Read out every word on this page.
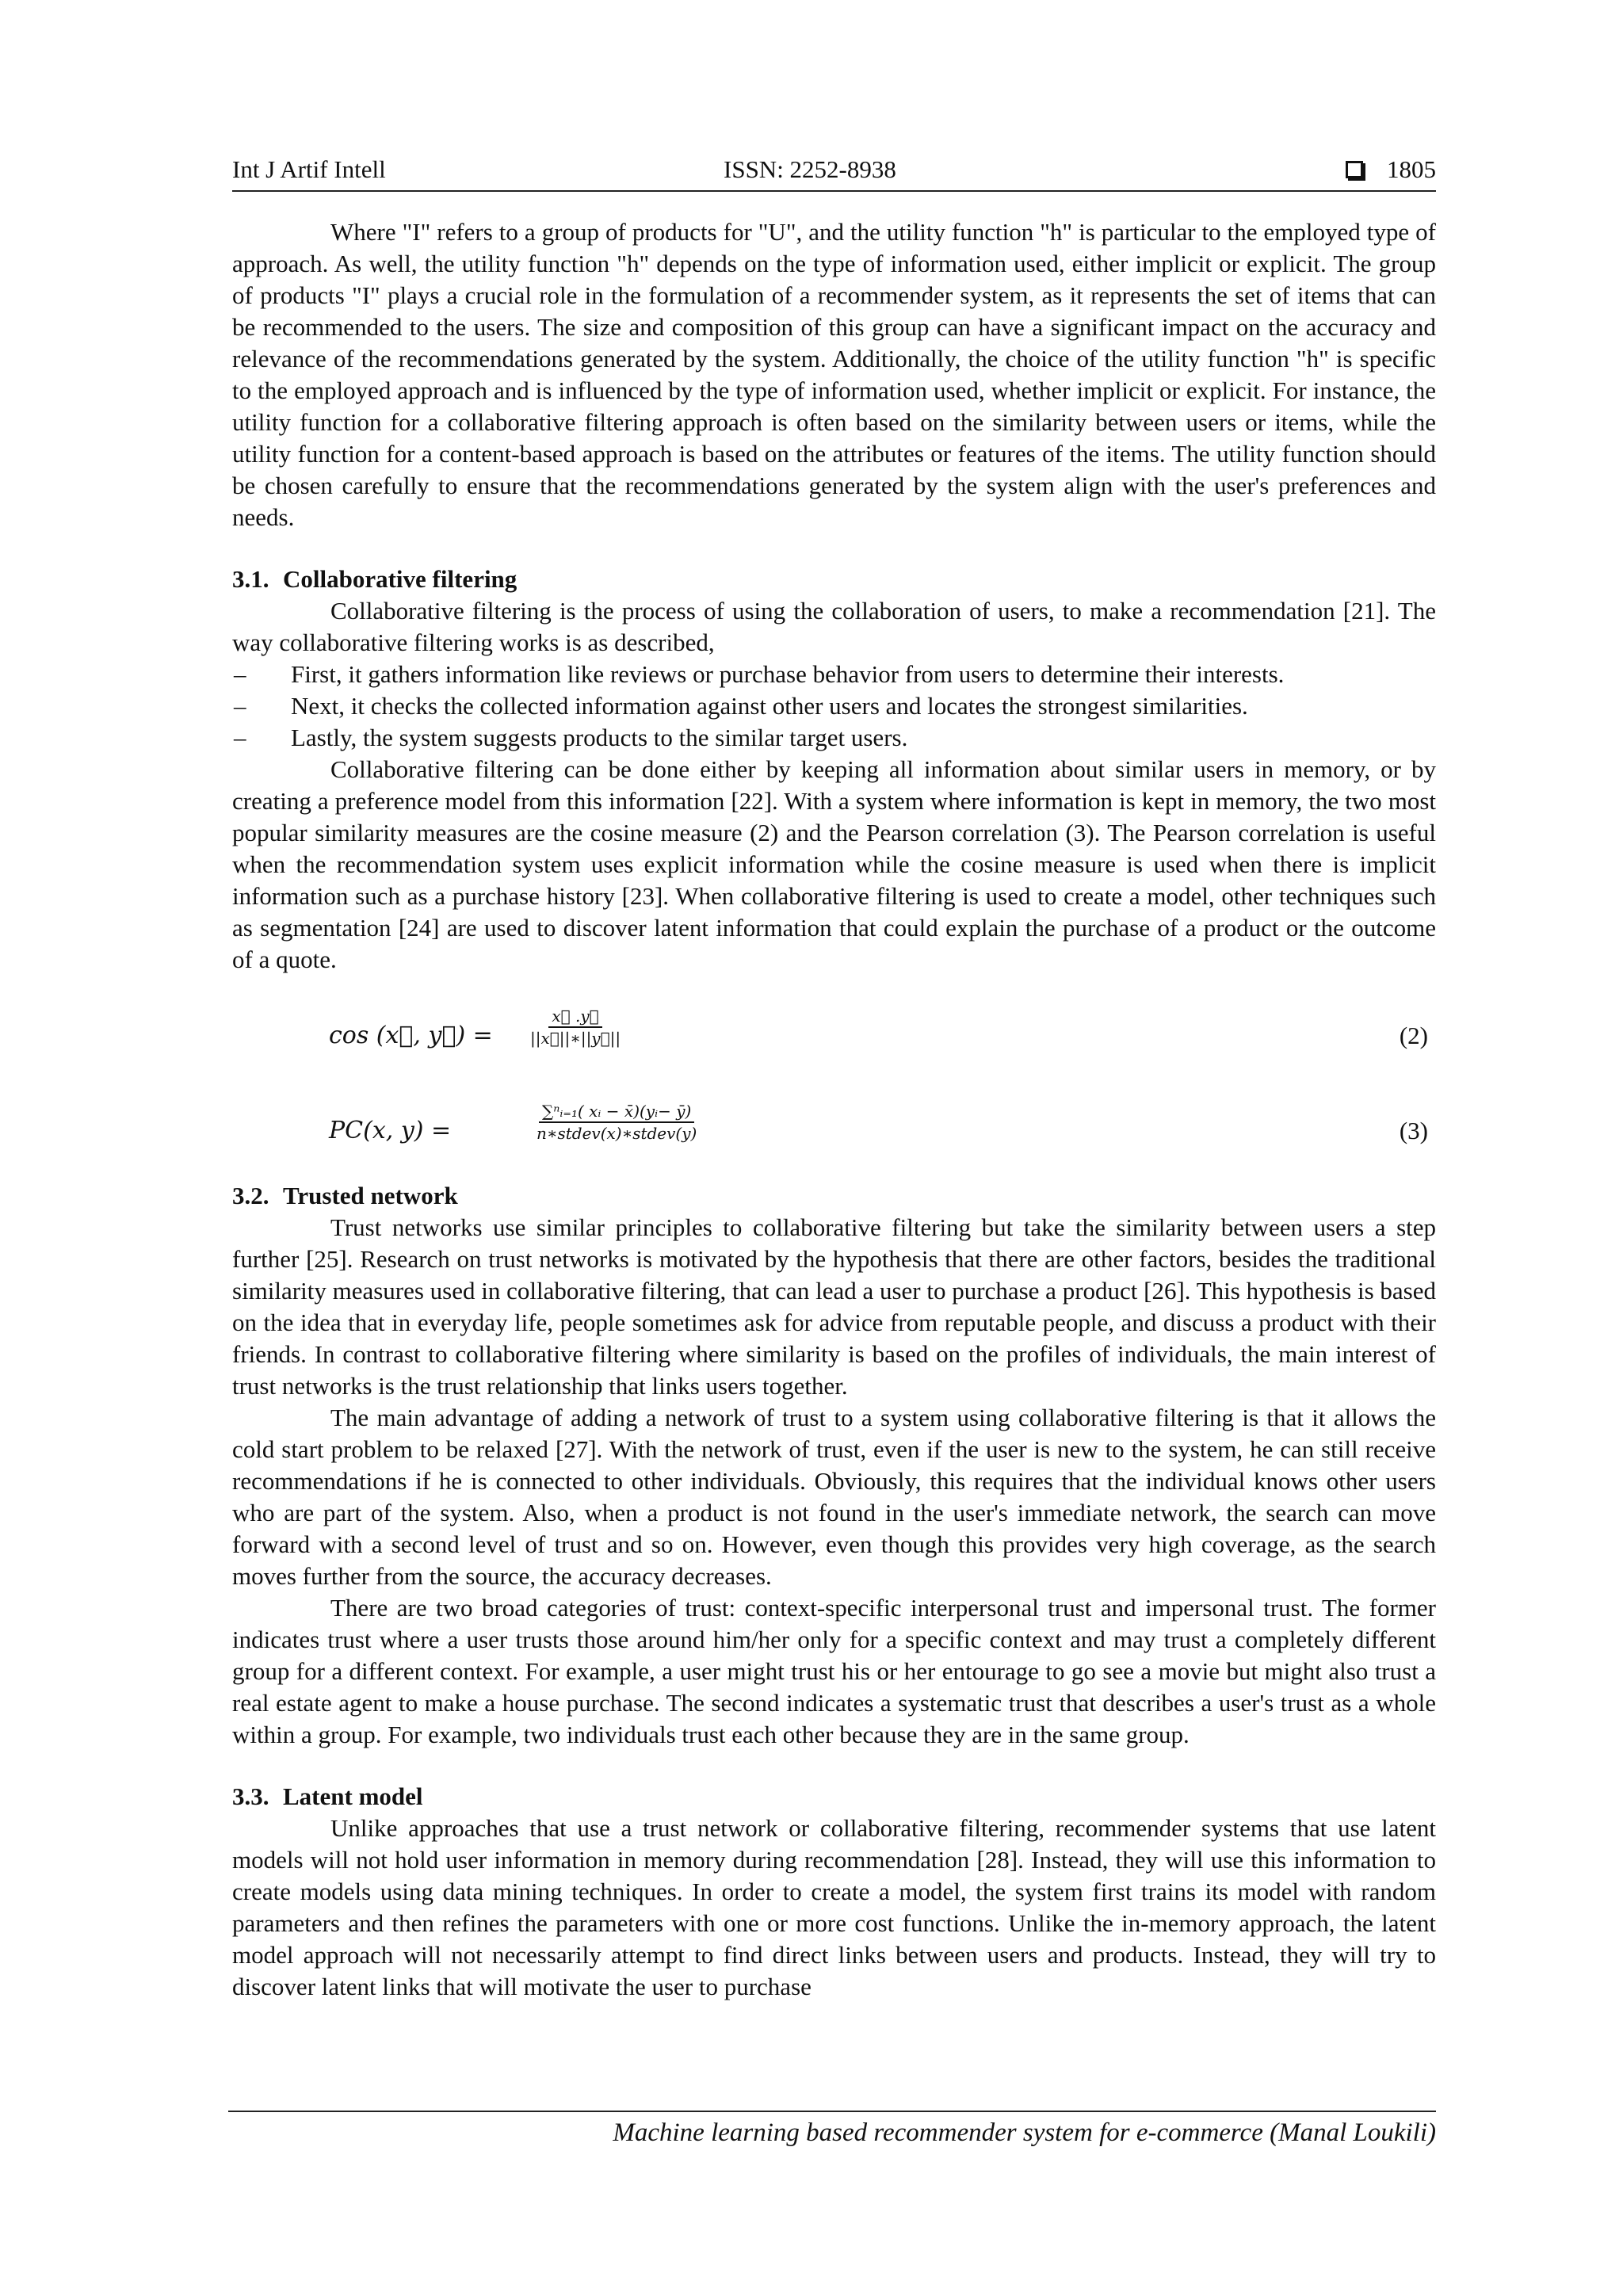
Int J Artif Intell	ISSN: 2252-8938	1805

Where "I" refers to a group of products for "U", and the utility function "h" is particular to the employed type of approach. As well, the utility function "h" depends on the type of information used, either implicit or explicit. The group of products "I" plays a crucial role in the formulation of a recommender system, as it represents the set of items that can be recommended to the users. The size and composition of this group can have a significant impact on the accuracy and relevance of the recommendations generated by the system. Additionally, the choice of the utility function "h" is specific to the employed approach and is influenced by the type of information used, whether implicit or explicit. For instance, the utility function for a collaborative filtering approach is often based on the similarity between users or items, while the utility function for a content-based approach is based on the attributes or features of the items. The utility function should be chosen carefully to ensure that the recommendations generated by the system align with the user's preferences and needs.

3.1. Collaborative filtering

Collaborative filtering is the process of using the collaboration of users, to make a recommendation [21]. The way collaborative filtering works is as described,

– First, it gathers information like reviews or purchase behavior from users to determine their interests.
– Next, it checks the collected information against other users and locates the strongest similarities.
– Lastly, the system suggests products to the similar target users.

Collaborative filtering can be done either by keeping all information about similar users in memory, or by creating a preference model from this information [22]. With a system where information is kept in memory, the two most popular similarity measures are the cosine measure (2) and the Pearson correlation (3). The Pearson correlation is useful when the recommendation system uses explicit information while the cosine measure is used when there is implicit information such as a purchase history [23]. When collaborative filtering is used to create a model, other techniques such as segmentation [24] are used to discover latent information that could explain the purchase of a product or the outcome of a quote.

cos (x⃗, y⃗) = $\frac{x⃗ .y⃗}{||x⃗||∗||y⃗||}$	(2)
PC(x, y) =
∑ⁿᵢ₌₁( xᵢ − x̄)(yᵢ− ȳ)
n∗stdev(x)∗stdev(y)	(3)
3.2. Trusted network

Trust networks use similar principles to collaborative filtering but take the similarity between users a step further [25]. Research on trust networks is motivated by the hypothesis that there are other factors, besides the traditional similarity measures used in collaborative filtering, that can lead a user to purchase a product [26]. This hypothesis is based on the idea that in everyday life, people sometimes ask for advice from reputable people, and discuss a product with their friends. In contrast to collaborative filtering where similarity is based on the profiles of individuals, the main interest of trust networks is the trust relationship that links users together.

The main advantage of adding a network of trust to a system using collaborative filtering is that it allows the cold start problem to be relaxed [27]. With the network of trust, even if the user is new to the system, he can still receive recommendations if he is connected to other individuals. Obviously, this requires that the individual knows other users who are part of the system. Also, when a product is not found in the user's immediate network, the search can move forward with a second level of trust and so on. However, even though this provides very high coverage, as the search moves further from the source, the accuracy decreases.

There are two broad categories of trust: context-specific interpersonal trust and impersonal trust. The former indicates trust where a user trusts those around him/her only for a specific context and may trust a completely different group for a different context. For example, a user might trust his or her entourage to go see a movie but might also trust a real estate agent to make a house purchase. The second indicates a systematic trust that describes a user's trust as a whole within a group. For example, two individuals trust each other because they are in the same group.

3.3. Latent model

Unlike approaches that use a trust network or collaborative filtering, recommender systems that use latent models will not hold user information in memory during recommendation [28]. Instead, they will use this information to create models using data mining techniques. In order to create a model, the system first trains its model with random parameters and then refines the parameters with one or more cost functions. Unlike the in-memory approach, the latent model approach will not necessarily attempt to find direct links between users and products. Instead, they will try to discover latent links that will motivate the user to purchase

Machine learning based recommender system for e-commerce (Manal Loukili)
